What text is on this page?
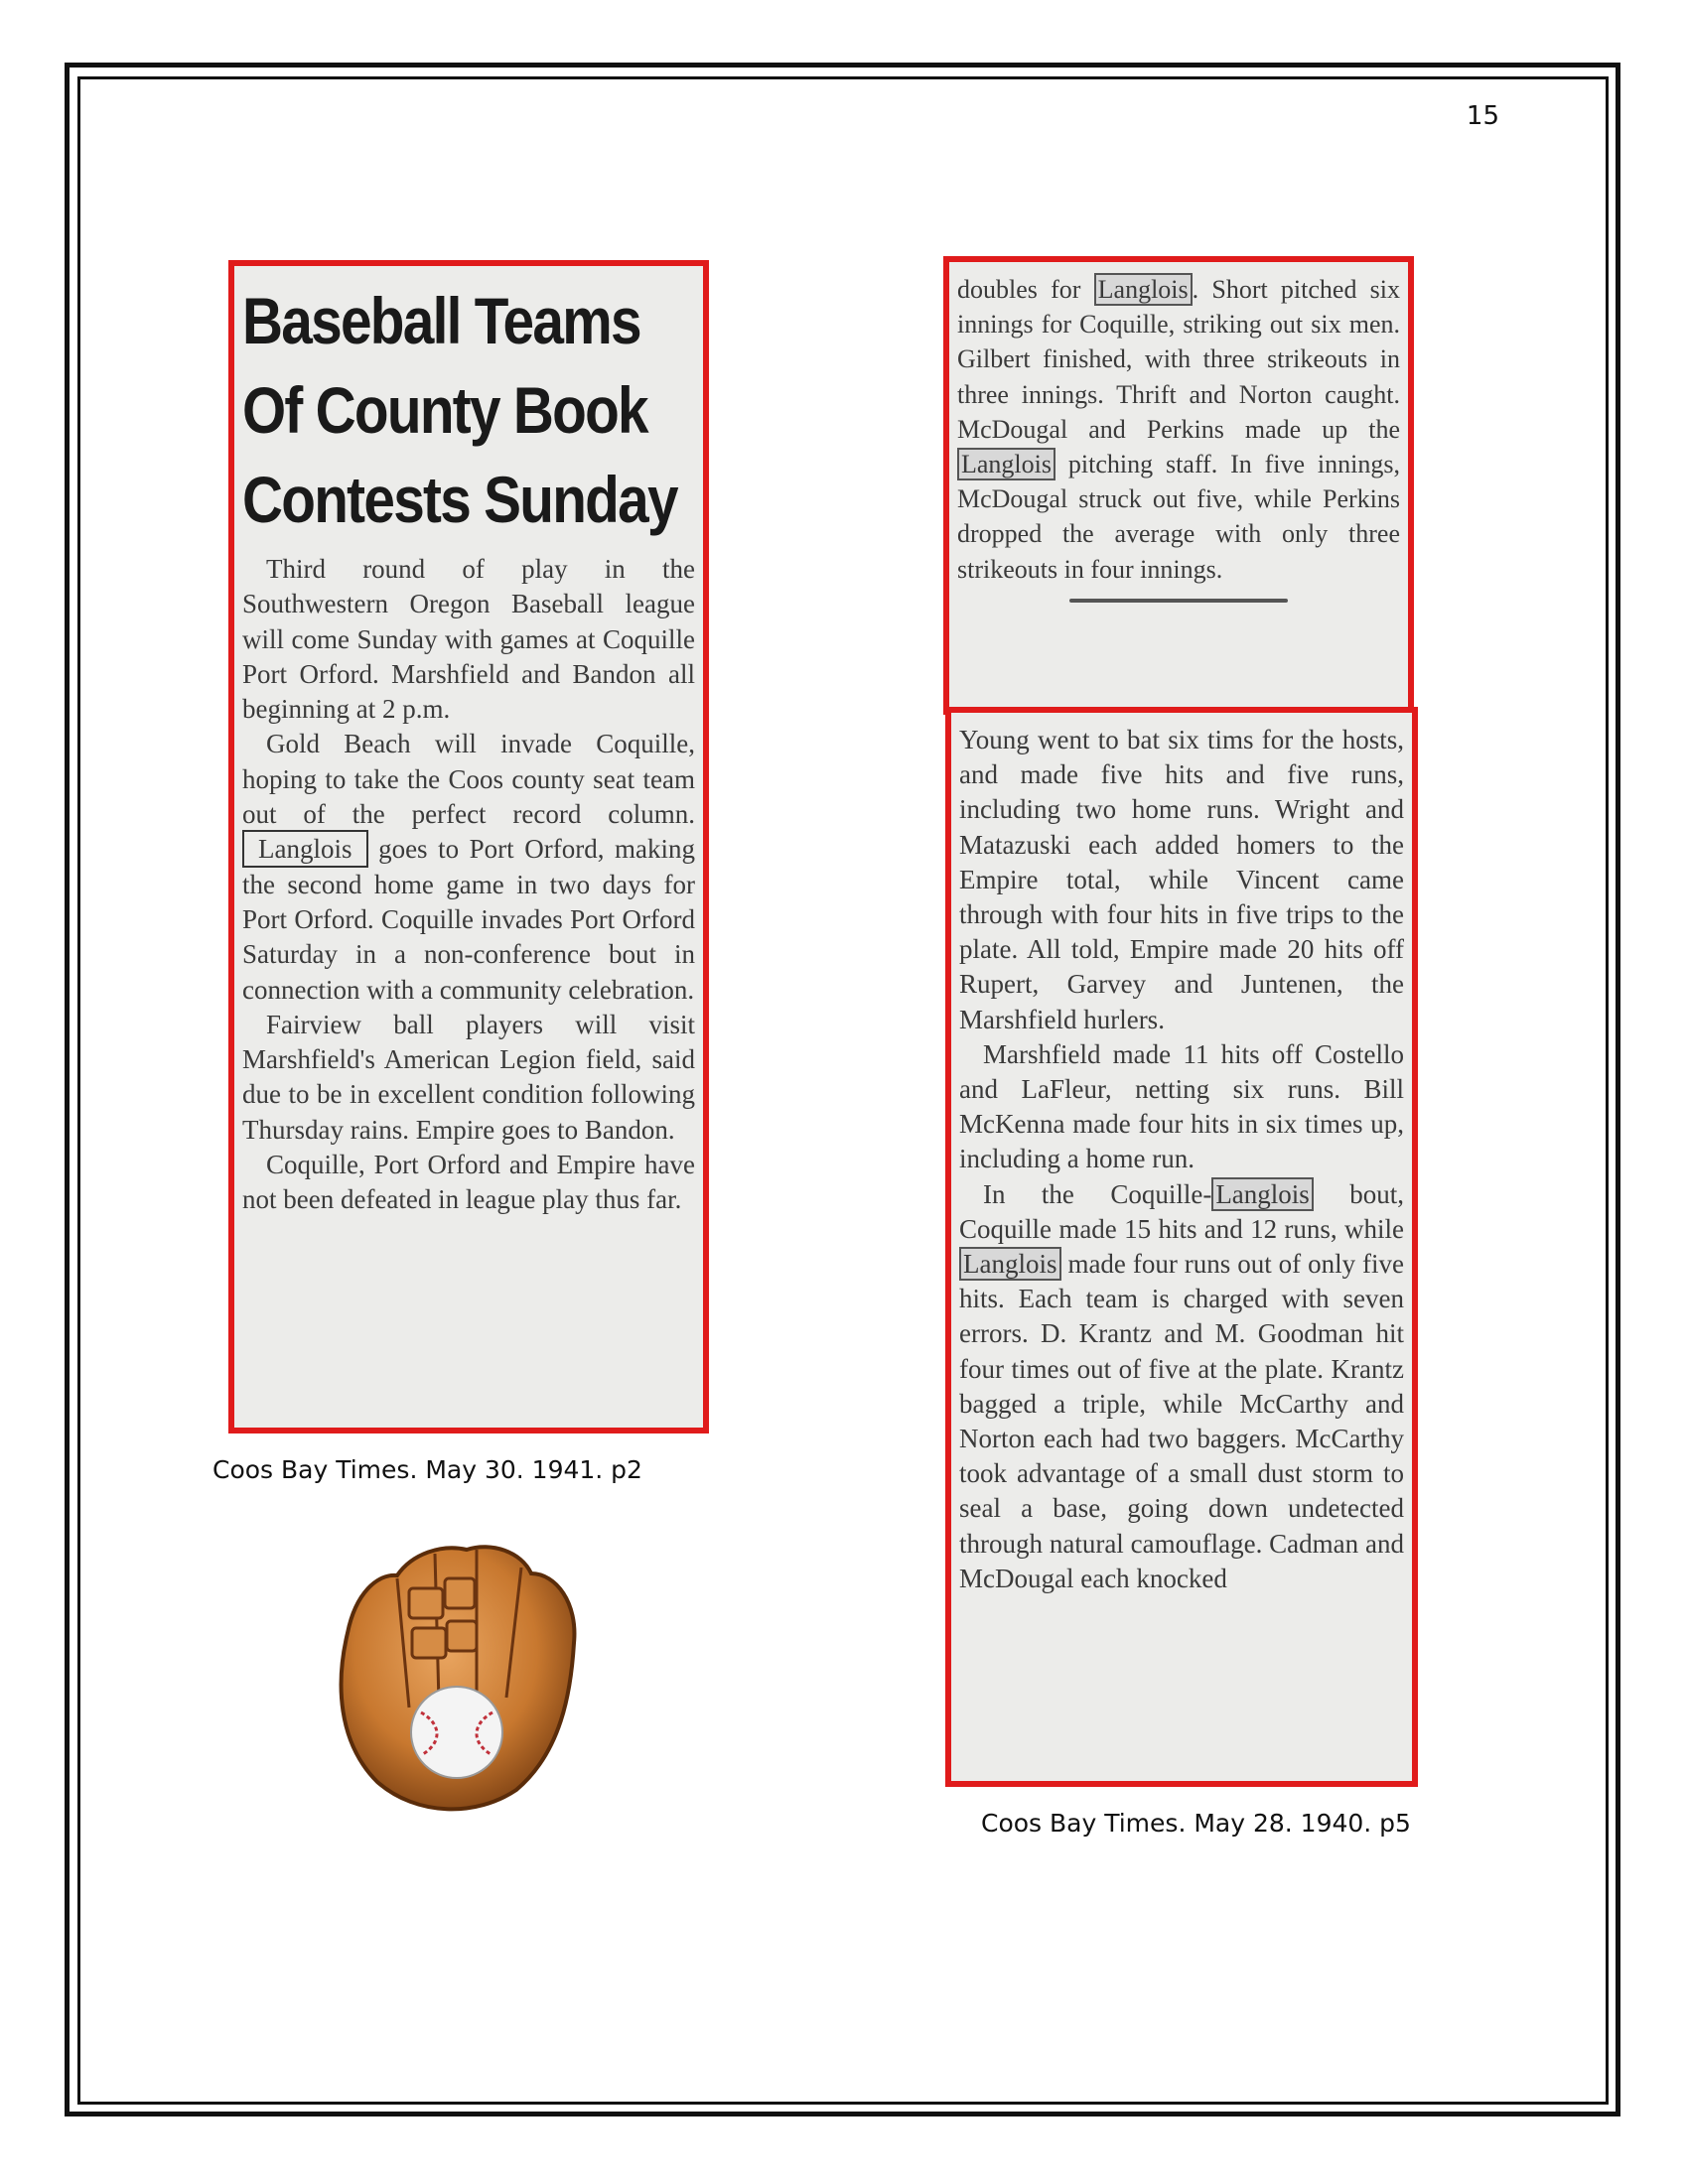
15
Baseball Teams
Of County Book
Contests Sunday

Third round of play in the Southwestern Oregon Baseball league will come Sunday with games at Coquille Port Orford. Marshfield and Bandon all beginning at 2 p.m.

Gold Beach will invade Coquille, hoping to take the Coos county seat team out of the perfect record column. Langlois goes to Port Orford, making the second home game in two days for Port Orford. Coquille invades Port Orford Saturday in a non-conference bout in connection with a community celebration.

Fairview ball players will visit Marshfield's American Legion field, said due to be in excellent condition following Thursday rains. Empire goes to Bandon.

Coquille, Port Orford and Empire have not been defeated in league play thus far.

Coos Bay Times. May 30. 1941. p2
doubles for Langlois . Short pitched six innings for Coquille, striking out six men. Gilbert finished, with three strikeouts in three innings. Thrift and Norton caught. McDougal and Perkins made up the Langlois pitching staff. In five innings, McDougal struck out five, while Perkins dropped the average with only three strikeouts in four innings.

Young went to bat six tims for the hosts, and made five hits and five runs, including two home runs. Wright and Matazuski each added homers to the Empire total, while Vincent came through with four hits in five trips to the plate. All told, Empire made 20 hits off Rupert, Garvey and Juntenen, the Marshfield hurlers.

Marshfield made 11 hits off Costello and LaFleur, netting six runs. Bill McKenna made four hits in six times up, including a home run.

In the Coquille- Langlois bout, Coquille made 15 hits and 12 runs, while Langlois made four runs out of only five hits. Each team is charged with seven errors. D. Krantz and M. Goodman hit four times out of five at the plate. Krantz bagged a triple, while McCarthy and Norton each had two baggers. McCarthy took advantage of a small dust storm to seal a base, going down undetected through natural camouflage. Cadman and McDougal each knocked

Coos Bay Times. May 28. 1940. p5
